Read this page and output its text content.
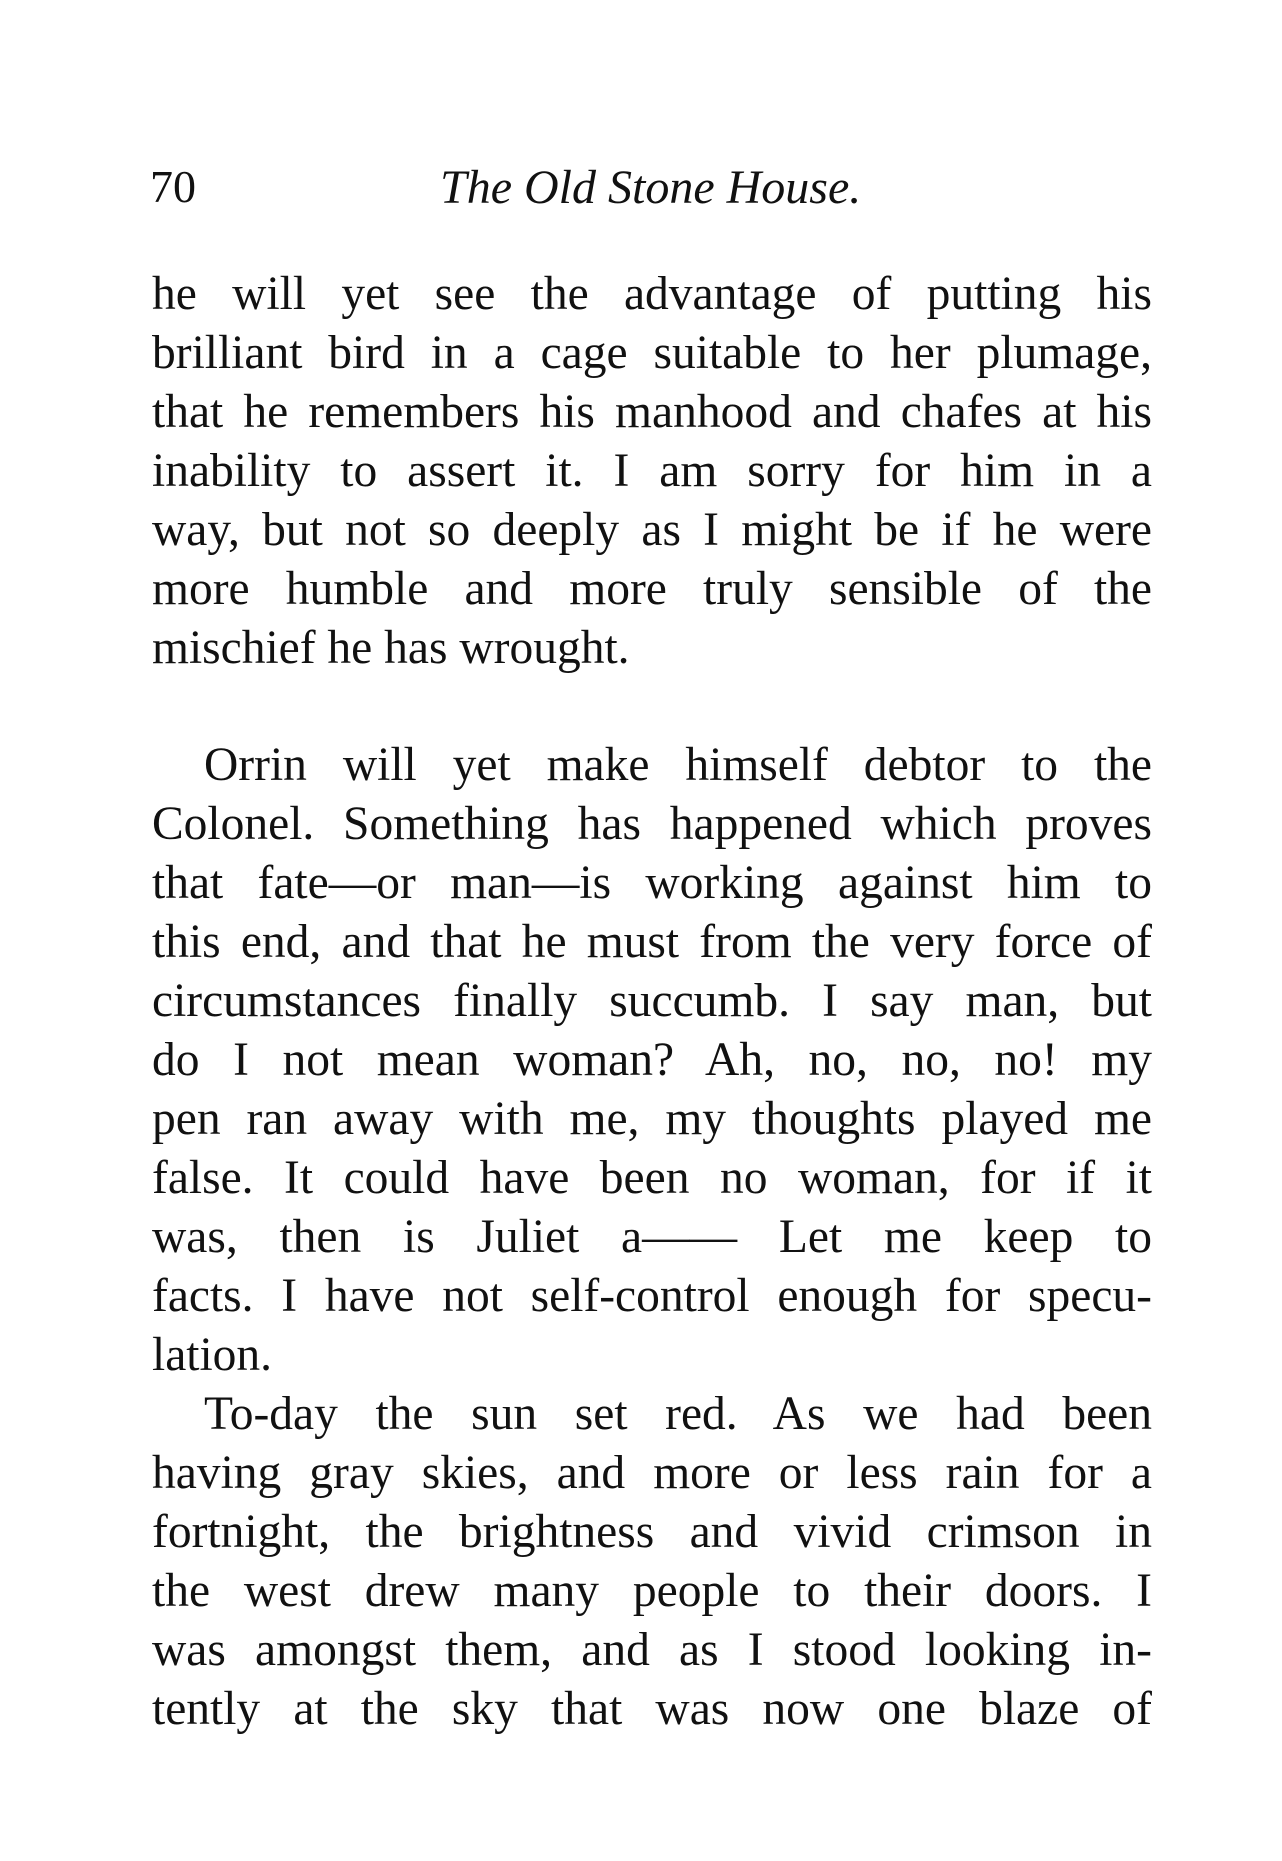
70	The Old Stone House.

he will yet see the advantage of putting his
brilliant bird in a cage suitable to her plumage,
that he remembers his manhood and chafes at his
inability to assert it. I am sorry for him in a
way, but not so deeply as I might be if he were
more humble and more truly sensible of the
mischief he has wrought.

Orrin will yet make himself debtor to the
Colonel. Something has happened which proves
that fate—or man—is working against him to
this end, and that he must from the very force of
circumstances finally succumb. I say man, but
do I not mean woman? Ah, no, no, no! my
pen ran away with me, my thoughts played me
false. It could have been no woman, for if it
was, then is Juliet a—— Let me keep to
facts. I have not self-control enough for specu-
lation.

To-day the sun set red. As we had been
having gray skies, and more or less rain for a
fortnight, the brightness and vivid crimson in
the west drew many people to their doors. I
was amongst them, and as I stood looking in-
tently at the sky that was now one blaze of
